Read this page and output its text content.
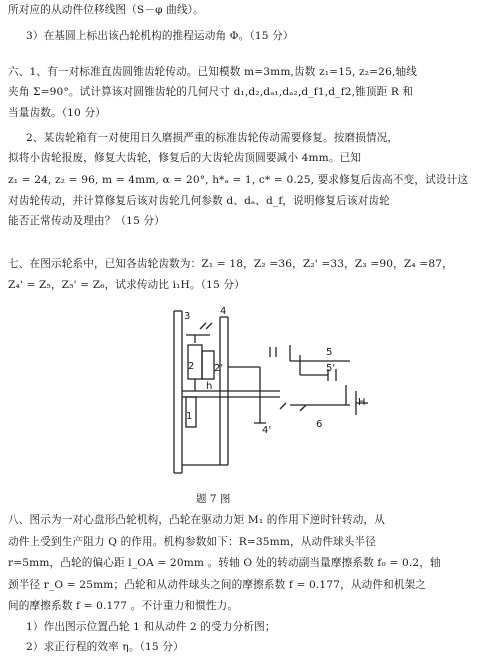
所对应的从动件位移线图（S－φ 曲线）。
3）在基圆上标出该凸轮机构的推程运动角 Φ。（15 分）
六、1、有一对标准直齿圆锥齿轮传动。已知模数 m=3mm,齿数 z₁=15, z₂=26,轴线
夹角 Σ=90°。试计算该对圆锥齿轮的几何尺寸 d₁,d₂,dₐ₁,dₐ₂,d_f1,d_f2,锥顶距 R 和
当量齿数。（10 分）
2、某齿轮箱有一对使用日久磨损严重的标准齿轮传动需要修复。按磨损情况，
拟将小齿轮报废，修复大齿轮，修复后的大齿轮齿顶圆要减小 4mm。已知
z₁ = 24, z₂ = 96, m = 4mm, α = 20°, h*ₐ = 1, c* = 0.25, 要求修复后齿高不变，试设计这
对齿轮传动，并计算修复后该对齿轮几何参数 d、dₐ、d_f，说明修复后该对齿轮
能否正常传动及理由？（15 分）
七、在图示轮系中，已知各齿轮齿数为：Z₁ = 18，Z₂ =36，Z₂' =33，Z₃ =90，Z₄ =87，
Z₄' = Z₅，Z₅' = Z₆，试求传动比 i₁H。（15 分）
3	4
2 2'
h
1
5
5'
H
4'
6
题 7 图
八、图示为一对心盘形凸轮机构，凸轮在驱动力矩 M₁ 的作用下逆时针转动，从
动件上受到生产阻力 Q 的作用。机构参数如下：R=35mm，从动件球头半径
r=5mm，凸轮的偏心距 l_OA = 20mm 。转轴 O 处的转动副当量摩擦系数 f₀ = 0.2，轴
颈半径 r_O = 25mm；凸轮和从动件球头之间的摩擦系数 f = 0.177，从动件和机架之
间的摩擦系数 f = 0.177 。不计重力和惯性力。
1）作出图示位置凸轮 1 和从动件 2 的受力分析图；
2）求正行程的效率 η。（15 分）
